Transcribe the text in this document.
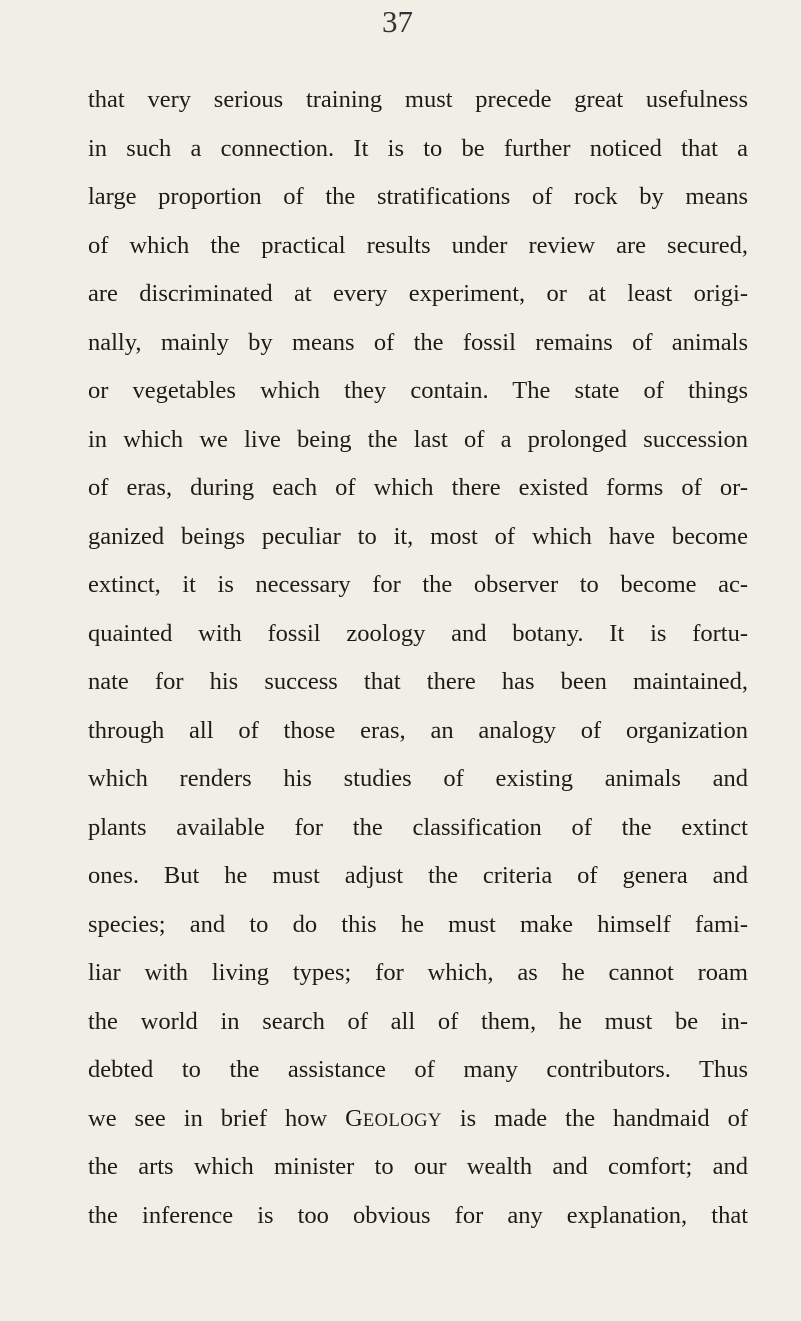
37
that very serious training must precede great usefulness
in such a connection. It is to be further noticed that a
large proportion of the stratifications of rock by means
of which the practical results under review are secured,
are discriminated at every experiment, or at least origi-
nally, mainly by means of the fossil remains of animals
or vegetables which they contain. The state of things
in which we live being the last of a prolonged succession
of eras, during each of which there existed forms of or-
ganized beings peculiar to it, most of which have become
extinct, it is necessary for the observer to become ac-
quainted with fossil zoology and botany. It is fortu-
nate for his success that there has been maintained,
through all of those eras, an analogy of organization
which renders his studies of existing animals and
plants available for the classification of the extinct
ones. But he must adjust the criteria of genera and
species; and to do this he must make himself fami-
liar with living types; for which, as he cannot roam
the world in search of all of them, he must be in-
debted to the assistance of many contributors. Thus
we see in brief how GEOLOGY is made the handmaid of
the arts which minister to our wealth and comfort; and
the inference is too obvious for any explanation, that
